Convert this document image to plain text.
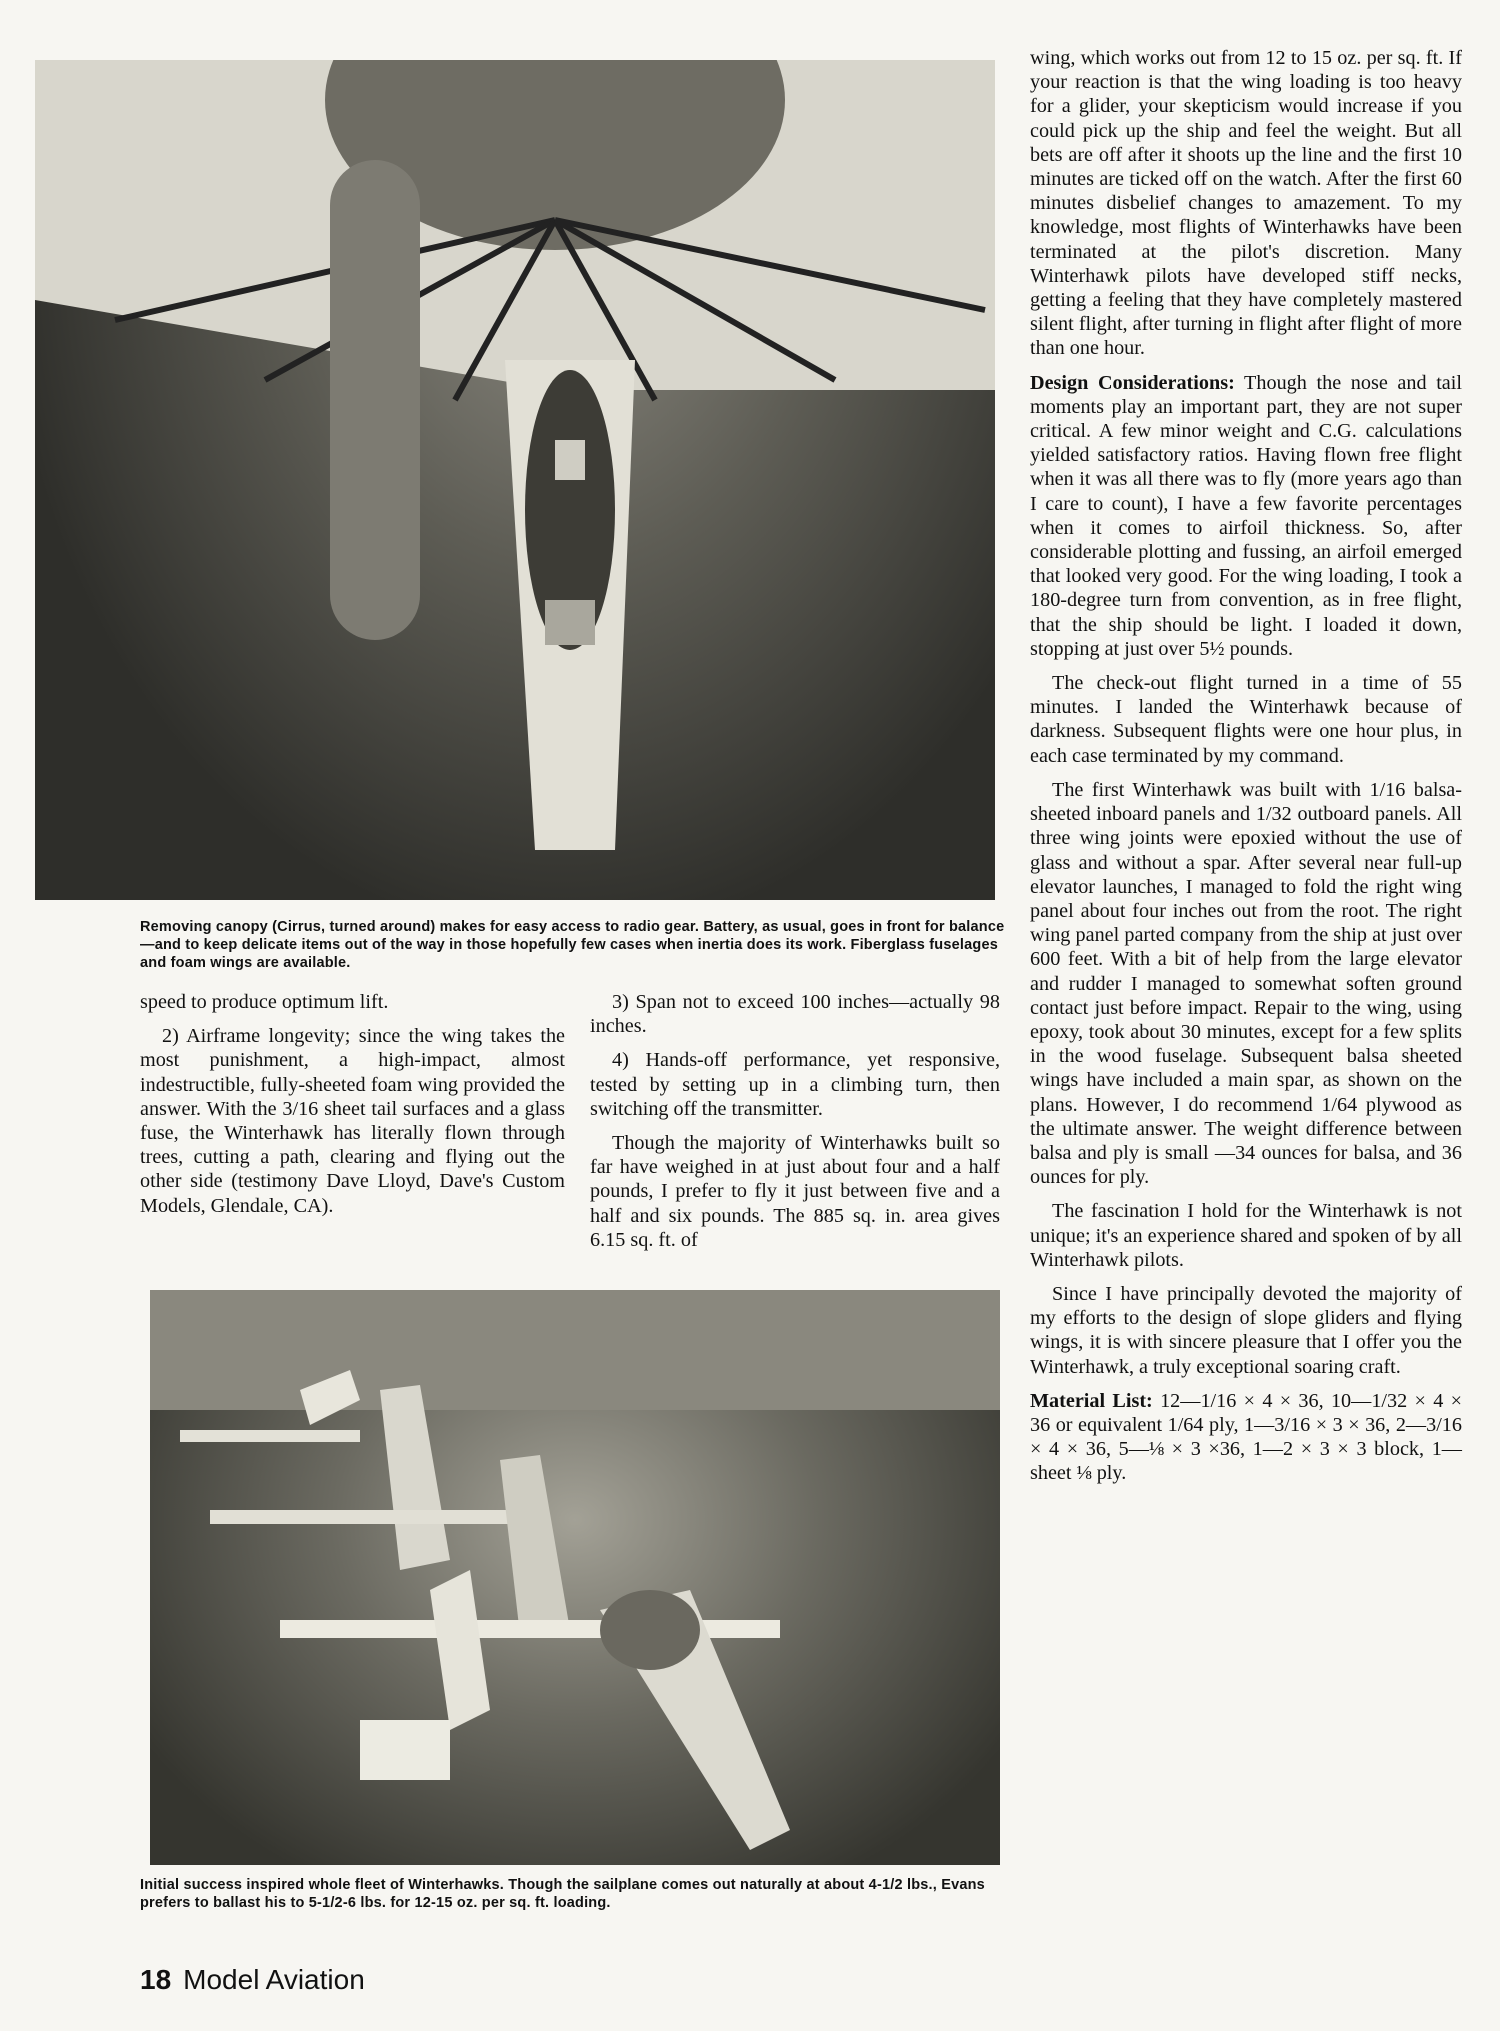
Removing canopy (Cirrus, turned around) makes for easy access to radio gear. Battery, as usual, goes in front for balance—and to keep delicate items out of the way in those hopefully few cases when inertia does its work. Fiberglass fuselages and foam wings are available.

wing, which works out from 12 to 15 oz. per sq. ft. If your reaction is that the wing loading is too heavy for a glider, your skepticism would increase if you could pick up the ship and feel the weight. But all bets are off after it shoots up the line and the first 10 minutes are ticked off on the watch. After the first 60 minutes disbelief changes to amazement. To my knowledge, most flights of Winterhawks have been terminated at the pilot's discretion. Many Winterhawk pilots have developed stiff necks, getting a feeling that they have completely mastered silent flight, after turning in flight after flight of more than one hour.

Design Considerations: Though the nose and tail moments play an important part, they are not super critical. A few minor weight and C.G. calculations yielded satisfactory ratios. Having flown free flight when it was all there was to fly (more years ago than I care to count), I have a few favorite percentages when it comes to airfoil thickness. So, after considerable plotting and fussing, an airfoil emerged that looked very good. For the wing loading, I took a 180-degree turn from convention, as in free flight, that the ship should be light. I loaded it down, stopping at just over 5½ pounds.

The check-out flight turned in a time of 55 minutes. I landed the Winterhawk because of darkness. Subsequent flights were one hour plus, in each case terminated by my command.

The first Winterhawk was built with 1/16 balsa-sheeted inboard panels and 1/32 outboard panels. All three wing joints were epoxied without the use of glass and without a spar. After several near full-up elevator launches, I managed to fold the right wing panel about four inches out from the root. The right wing panel parted company from the ship at just over 600 feet. With a bit of help from the large elevator and rudder I managed to somewhat soften ground contact just before impact. Repair to the wing, using epoxy, took about 30 minutes, except for a few splits in the wood fuselage. Subsequent balsa sheeted wings have included a main spar, as shown on the plans. However, I do recommend 1/64 plywood as the ultimate answer. The weight difference between balsa and ply is small —34 ounces for balsa, and 36 ounces for ply.

The fascination I hold for the Winterhawk is not unique; it's an experience shared and spoken of by all Winterhawk pilots.

Since I have principally devoted the majority of my efforts to the design of slope gliders and flying wings, it is with sincere pleasure that I offer you the Winterhawk, a truly exceptional soaring craft.

Material List: 12—1/16 × 4 × 36, 10—1/32 × 4 × 36 or equivalent 1/64 ply, 1—3/16 × 3 × 36, 2—3/16 × 4 × 36, 5—⅛ × 3 ×36, 1—2 × 3 × 3 block, 1—sheet ⅛ ply.

speed to produce optimum lift.

2) Airframe longevity; since the wing takes the most punishment, a high-impact, almost indestructible, fully-sheeted foam wing provided the answer. With the 3/16 sheet tail surfaces and a glass fuse, the Winterhawk has literally flown through trees, cutting a path, clearing and flying out the other side (testimony Dave Lloyd, Dave's Custom Models, Glendale, CA).

3) Span not to exceed 100 inches—actually 98 inches.

4) Hands-off performance, yet responsive, tested by setting up in a climbing turn, then switching off the transmitter.

Though the majority of Winterhawks built so far have weighed in at just about four and a half pounds, I prefer to fly it just between five and a half and six pounds. The 885 sq. in. area gives 6.15 sq. ft. of

Initial success inspired whole fleet of Winterhawks. Though the sailplane comes out naturally at about 4-1/2 lbs., Evans prefers to ballast his to 5-1/2-6 lbs. for 12-15 oz. per sq. ft. loading.
18 Model Aviation
